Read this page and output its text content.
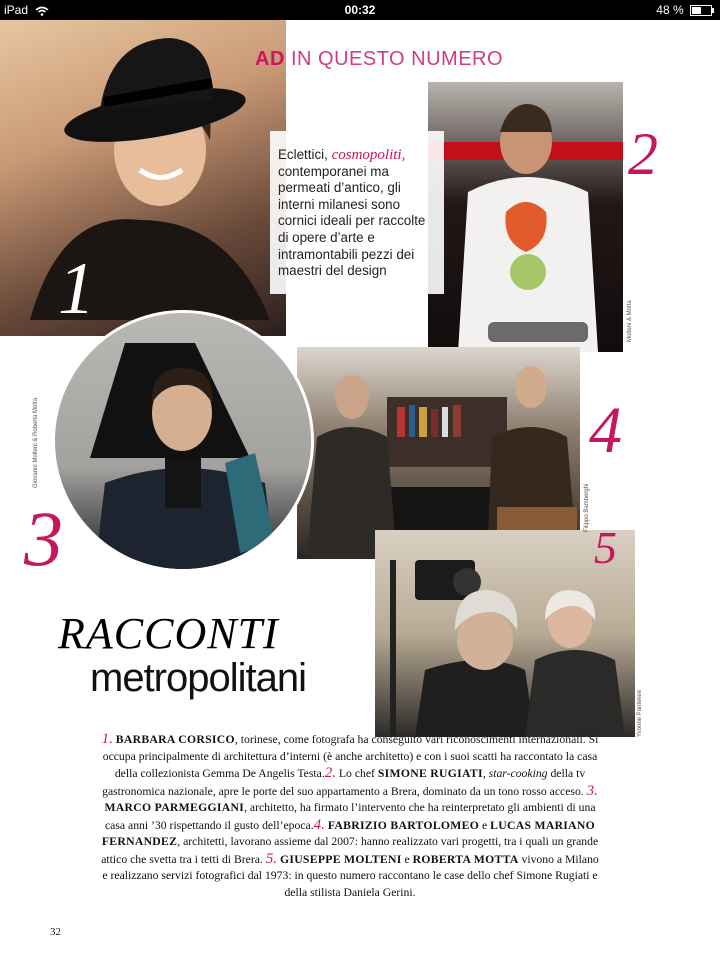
iPad	00:32	48 %
1
2
3
4
5
Molteni & Motta
Giovanni Molteni & Roberta Motta
Filippo Bamberghi
Yvonne Pantekee
AD IN QUESTO NUMERO
Eclettici, cosmopoliti, contemporanei ma permeati d’antico, gli interni milanesi sono cornici ideali per raccolte di opere d’arte e intramontabili pezzi dei maestri del design
RACCONTI
metropolitani
1. BARBARA CORSICO, torinese, come fotografa ha conseguito vari riconoscimenti internazionali. Si occupa principalmente di architettura d’interni (è anche architetto) e con i suoi scatti ha raccontato la casa della collezionista Gemma De Angelis Testa.2. Lo chef SIMONE RUGIATI, star-cooking della tv gastronomica nazionale, apre le porte del suo appartamento a Brera, dominato da un tono rosso acceso. 3. MARCO PARMEGGIANI, architetto, ha firmato l’intervento che ha reinterpretato gli ambienti di una casa anni ’30 rispettando il gusto dell’epoca.4. FABRIZIO BARTOLOMEO e LUCAS MARIANO FERNANDEZ, architetti, lavorano assieme dal 2007: hanno realizzato vari progetti, tra i quali un grande attico che svetta tra i tetti di Brera. 5. GIUSEPPE MOLTENI e ROBERTA MOTTA vivono a Milano e realizzano servizi fotografici dal 1973: in questo numero raccontano le case dello chef Simone Rugiati e della stilista Daniela Gerini.
32
